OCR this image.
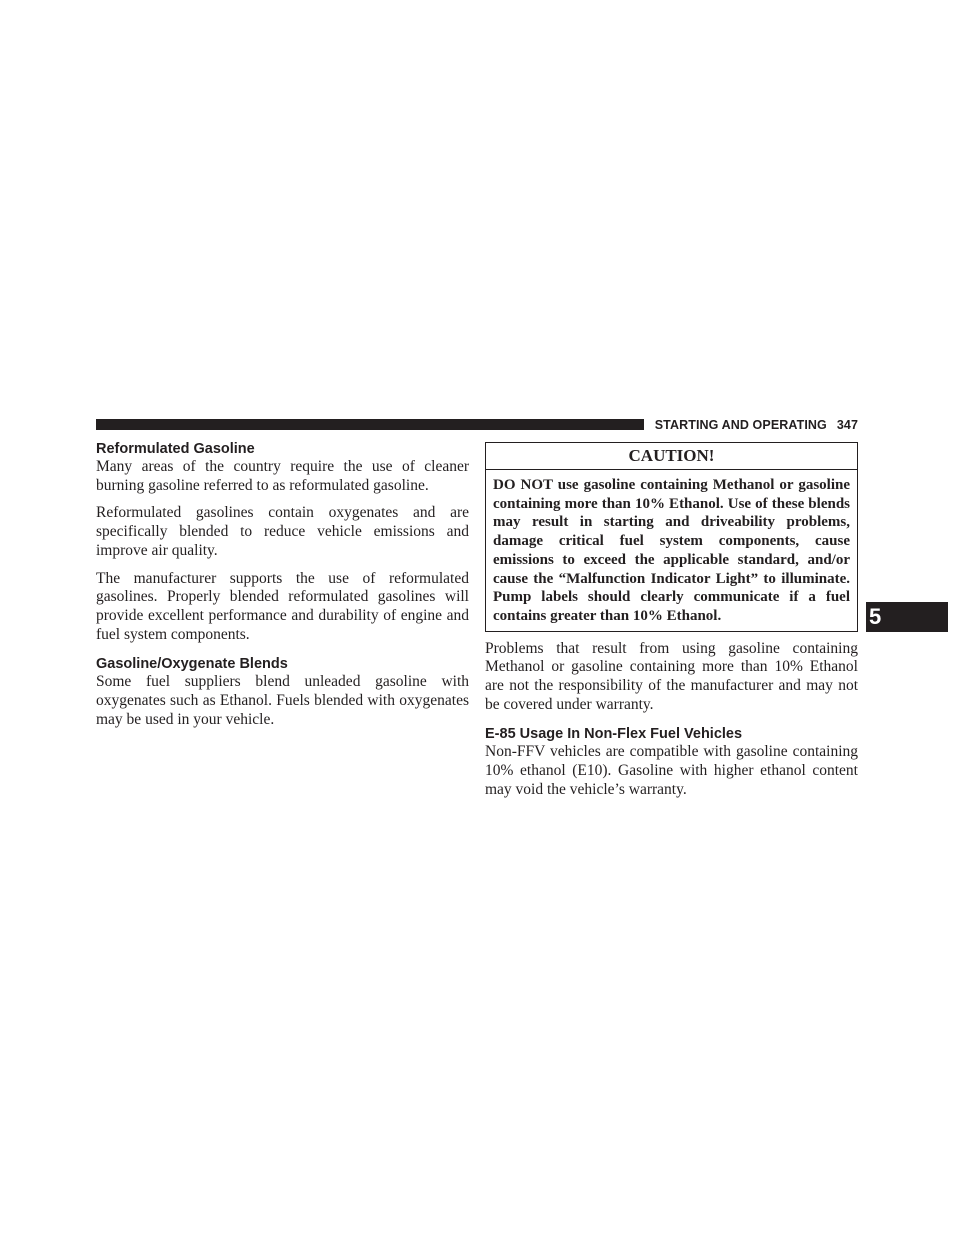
STARTING AND OPERATING 347
Reformulated Gasoline

Many areas of the country require the use of cleaner burning gasoline referred to as reformulated gasoline.

Reformulated gasolines contain oxygenates and are specifically blended to reduce vehicle emissions and improve air quality.

The manufacturer supports the use of reformulated gasolines. Properly blended reformulated gasolines will provide excellent performance and durability of engine and fuel system components.

Gasoline/Oxygenate Blends

Some fuel suppliers blend unleaded gasoline with oxygenates such as Ethanol. Fuels blended with oxygenates may be used in your vehicle.

CAUTION!
DO NOT use gasoline containing Methanol or gasoline containing more than 10% Ethanol. Use of these blends may result in starting and driveability problems, damage critical fuel system components, cause emissions to exceed the applicable standard, and/or cause the “Malfunction Indicator Light” to illuminate. Pump labels should clearly communicate if a fuel contains greater than 10% Ethanol.

Problems that result from using gasoline containing Methanol or gasoline containing more than 10% Ethanol are not the responsibility of the manufacturer and may not be covered under warranty.

E-85 Usage In Non-Flex Fuel Vehicles

Non-FFV vehicles are compatible with gasoline containing 10% ethanol (E10). Gasoline with higher ethanol content may void the vehicle’s warranty.

5
